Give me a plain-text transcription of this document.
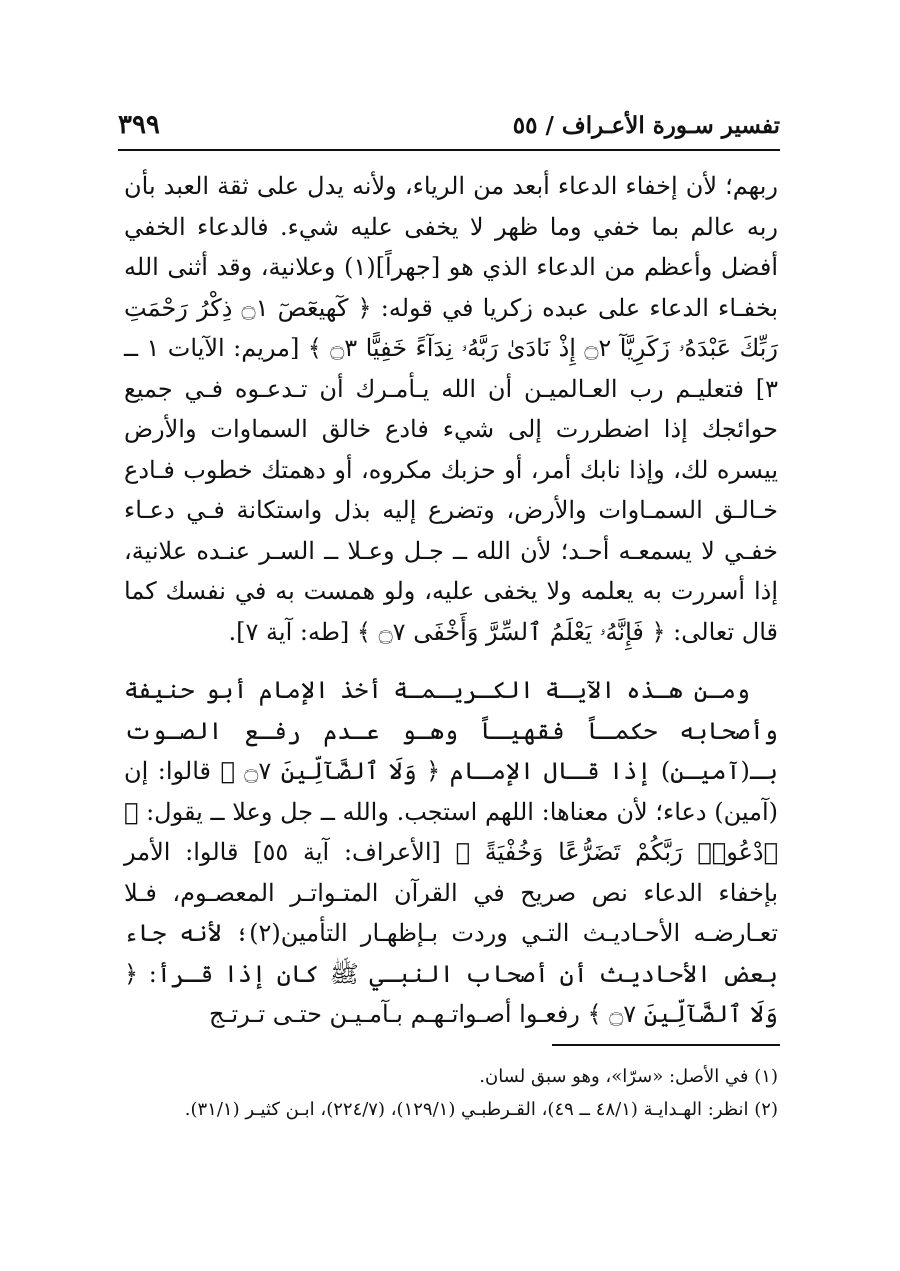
تفسير سـورة الأعـراف / ٥٥
٣٩٩

ربهم؛ لأن إخفاء الدعاء أبعد من الرياء، ولأنه يدل على ثقة العبد بأن ربه عالم بما خفي وما ظهر لا يخفى عليه شيء. فالدعاء الخفي أفضل وأعظم من الدعاء الذي هو [جهراً](١) وعلانية، وقد أثنى الله بخفـاء الدعاء على عبده زكريا في قوله: ﴿ كٓهيعٓصٓ ۝١ ذِكْرُ رَحْمَتِ رَبِّكَ عَبْدَهُۥ زَكَرِيَّآ ۝٢ إِذْ نَادَىٰ رَبَّهُۥ نِدَآءً خَفِيًّا ۝٣ ﴾ [مريم: الآيات ١ ــ ٣] فتعليـم رب العـالميـن أن الله يـأمـرك أن تـدعـوه فـي جميع حوائجك إذا اضطررت إلى شيء فادع خالق السماوات والأرض ييسره لك، وإذا نابك أمر، أو حزبك مكروه، أو دهمتك خطوب فـادع خـالـق السمـاوات والأرض، وتضرع إليه بذل واستكانة فـي دعـاء خفـي لا يسمعـه أحـد؛ لأن الله ــ جـل وعـلا ــ السـر عنـده علانية، إذا أسررت به يعلمه ولا يخفى عليه، ولو همست به في نفسك كما قال تعالى: ﴿ فَإِنَّهُۥ يَعْلَمُ ٱلسِّرَّ وَأَخْفَى ۝٧ ﴾ [طه: آية ٧].

ومـن هـذه الآيـة الكـريـمـة أخذ الإمام أبو حنيفة وأصحابه حكمـاً فقهيـاً وهـو عـدم رفـع الصـوت بـ(آميـن) إذا قـال الإمـام ﴿ وَلَا ٱلضَّآلِّينَ ۝٧ ﴾ قالوا: إن (آمين) دعاء؛ لأن معناها: اللهم استجب. والله ــ جل وعلا ــ يقول: ﴿ ٱدْعُوا۟ رَبَّكُمْ تَضَرُّعًا وَخُفْيَةً ﴾ [الأعراف: آية ٥٥] قالوا: الأمر بإخفاء الدعاء نص صريح في القرآن المتـواتـر المعصـوم، فـلا تعـارضـه الأحـاديـث التـي وردت بـإظهـار التأمين(٢)؛ لأنه جاء بعض الأحاديث أن أصحاب النبـي ﷺ كان إذا قـرأ: ﴿ وَلَا ٱلضَّآلِّينَ ۝٧ ﴾ رفعـوا أصـواتـهـم بـآمـيـن حتـى تـرتـج

(١) في الأصل: «سرّا»، وهو سبق لسان.

(٢) انظر: الهـدايـة (٤٨/١ ــ ٤٩)، القـرطبـي (١٢٩/١)، (٢٢٤/٧)، ابـن كثيـر (٣١/١).
